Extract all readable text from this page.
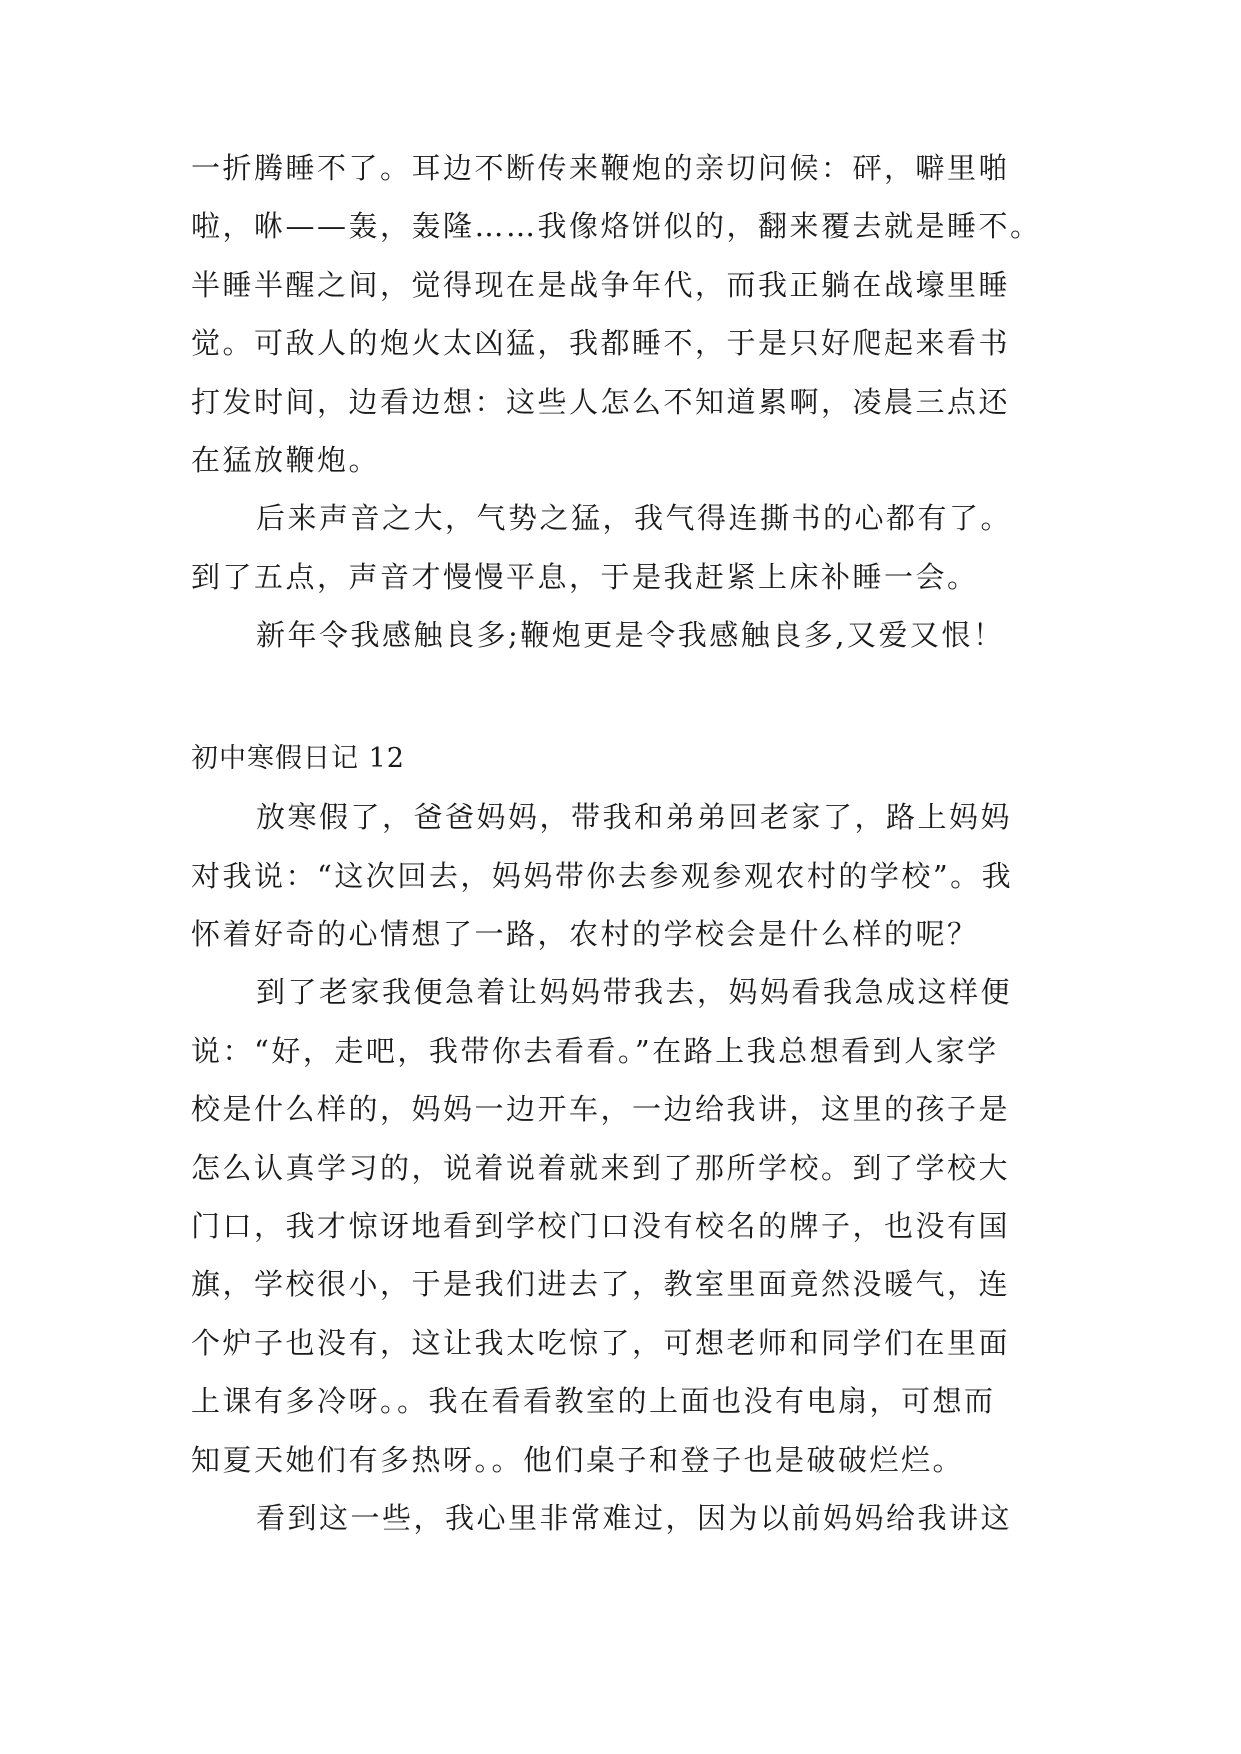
一折腾睡不了。耳边不断传来鞭炮的亲切问候：砰，噼里啪
啦，咻——轰，轰隆……我像烙饼似的，翻来覆去就是睡不。
半睡半醒之间，觉得现在是战争年代，而我正躺在战壕里睡
觉。可敌人的炮火太凶猛，我都睡不，于是只好爬起来看书
打发时间，边看边想：这些人怎么不知道累啊，凌晨三点还
在猛放鞭炮。
后来声音之大，气势之猛，我气得连撕书的心都有了。
到了五点，声音才慢慢平息，于是我赶紧上床补睡一会。
新年令我感触良多;鞭炮更是令我感触良多,又爱又恨！
初中寒假日记 12
放寒假了，爸爸妈妈，带我和弟弟回老家了，路上妈妈
对我说：“这次回去，妈妈带你去参观参观农村的学校”。我
怀着好奇的心情想了一路，农村的学校会是什么样的呢？
到了老家我便急着让妈妈带我去，妈妈看我急成这样便
说：“好，走吧，我带你去看看。”在路上我总想看到人家学
校是什么样的，妈妈一边开车，一边给我讲，这里的孩子是
怎么认真学习的，说着说着就来到了那所学校。到了学校大
门口，我才惊讶地看到学校门口没有校名的牌子，也没有国
旗，学校很小，于是我们进去了，教室里面竟然没暖气，连
个炉子也没有，这让我太吃惊了，可想老师和同学们在里面
上课有多冷呀。。我在看看教室的上面也没有电扇，可想而
知夏天她们有多热呀。。他们桌子和登子也是破破烂烂。
看到这一些，我心里非常难过，因为以前妈妈给我讲这
